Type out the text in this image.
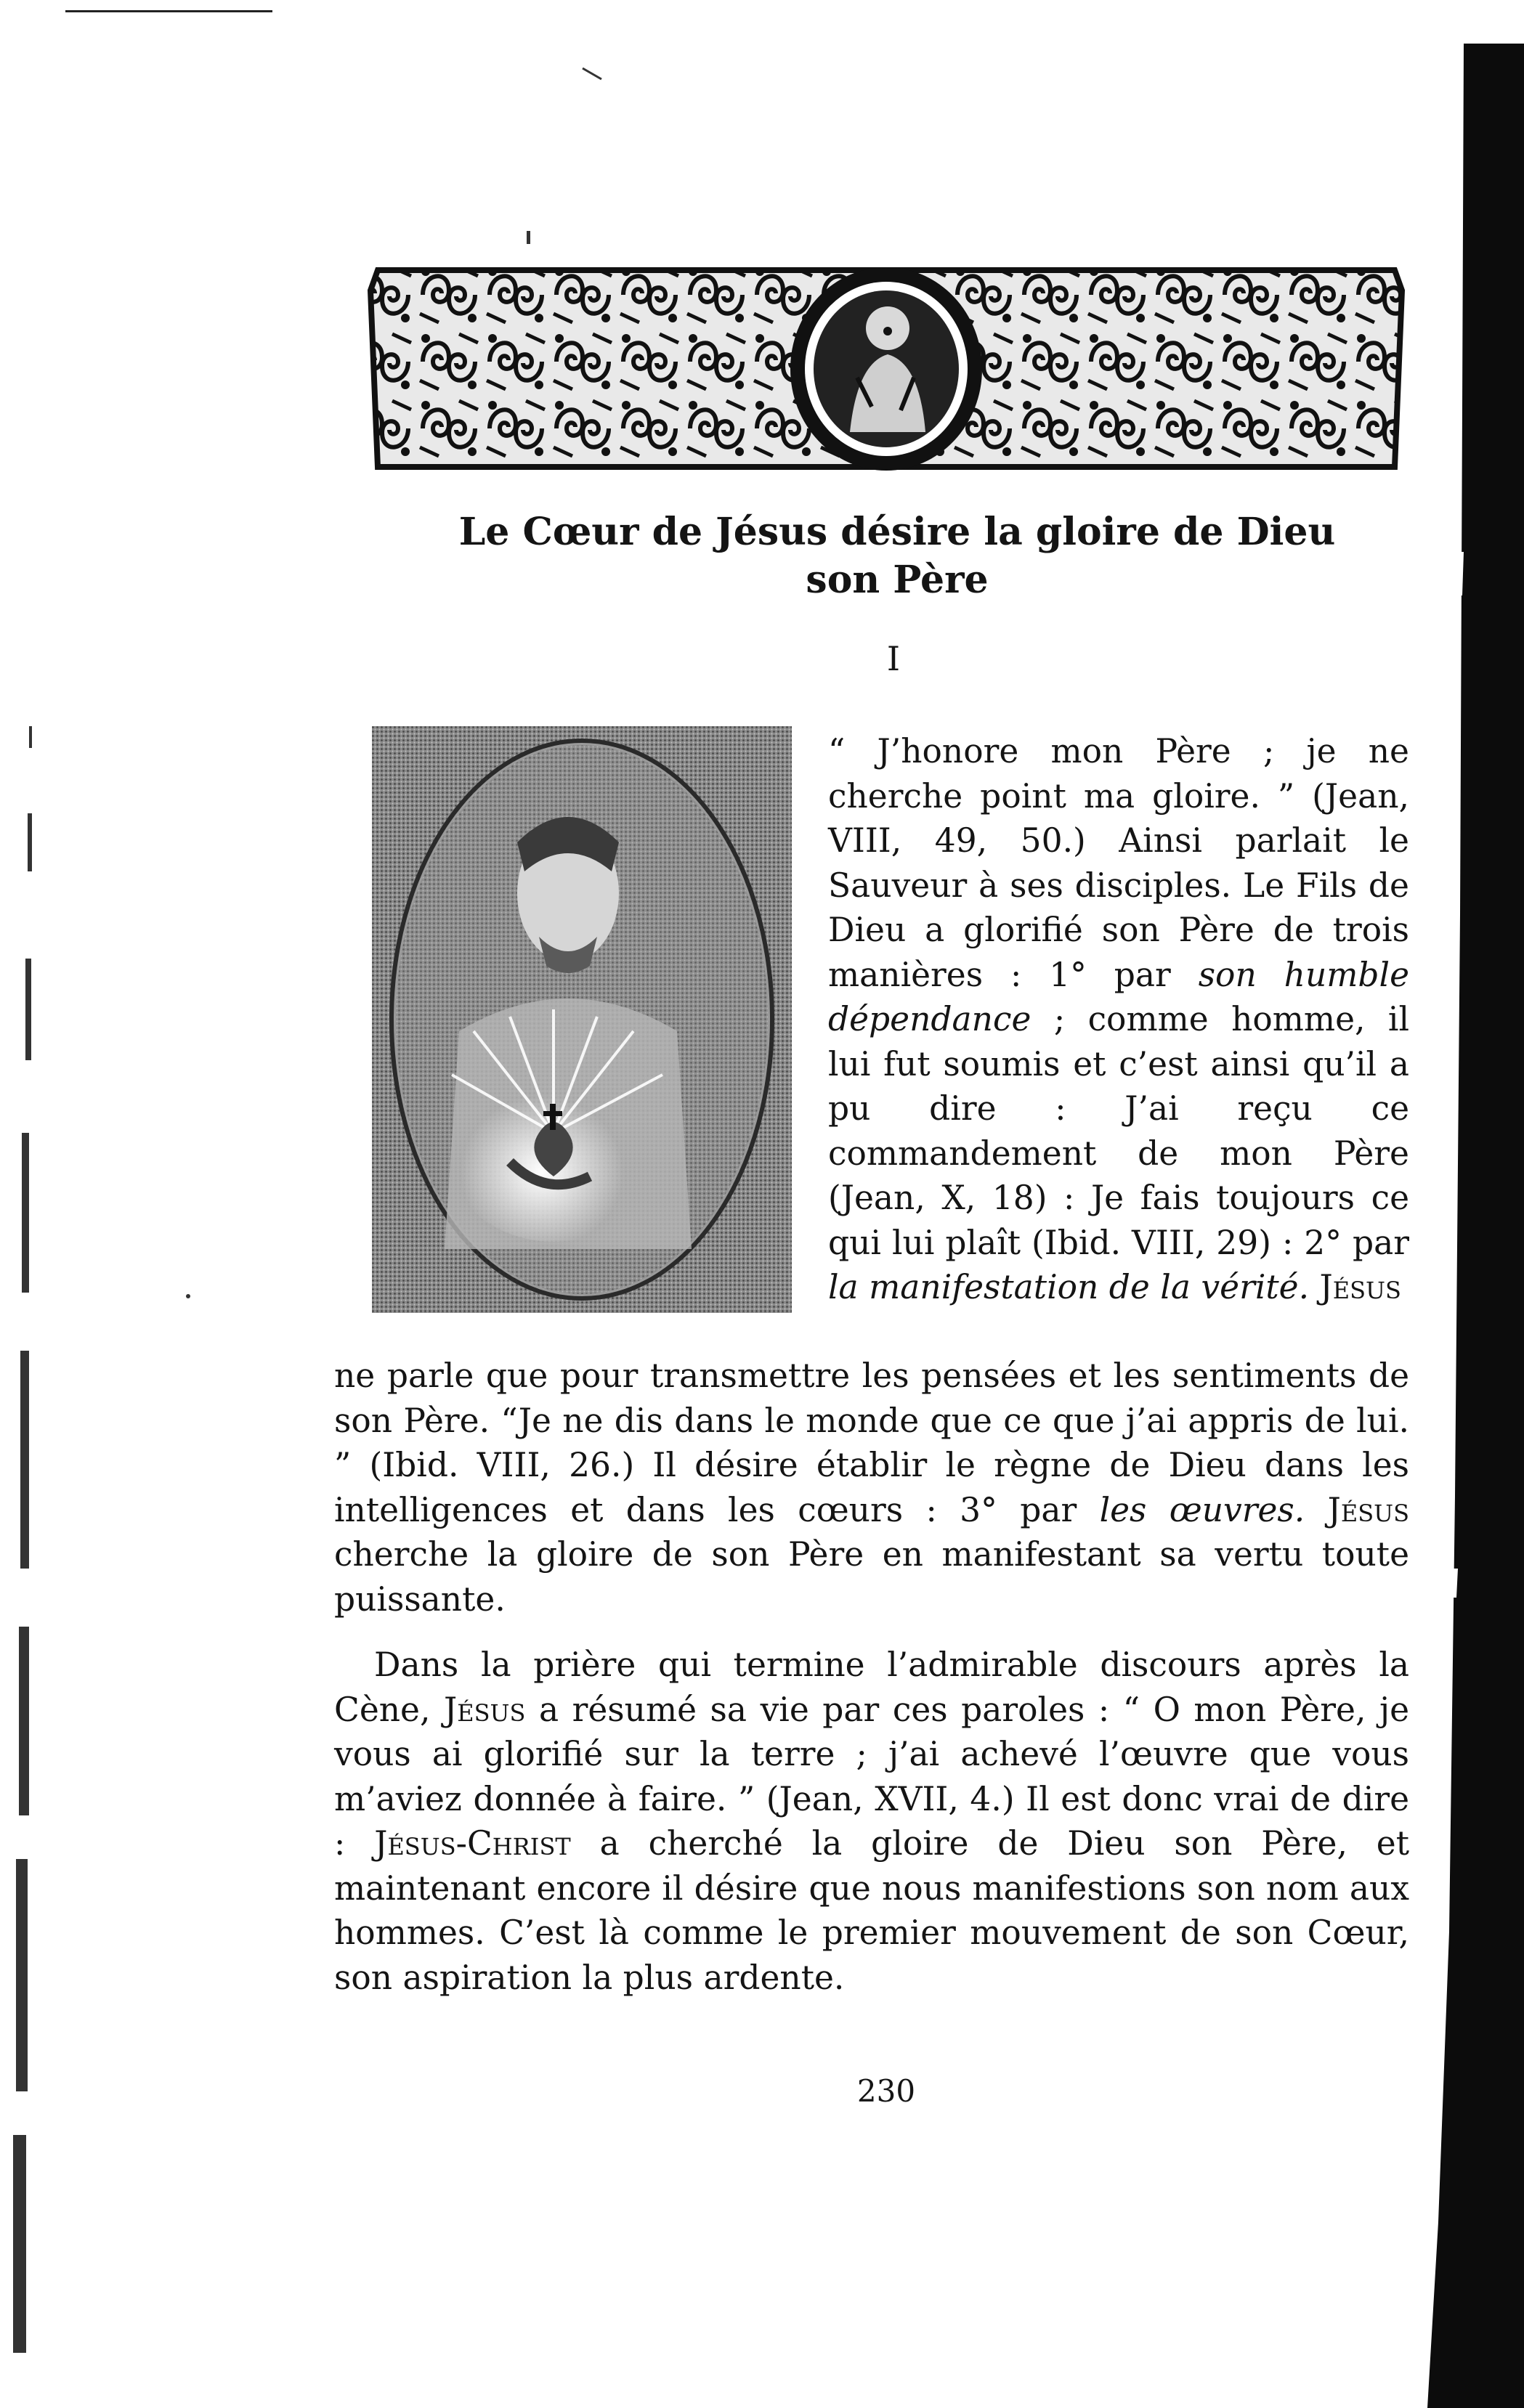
Le Cœur de Jésus désire la gloire de Dieu
son Père
I

“ J’honore mon Père ; je ne cherche point ma gloire. ” (Jean, VIII, 49, 50.) Ainsi parlait le Sauveur à ses disciples. Le Fils de Dieu a glorifié son Père de trois manières : 1° par son humble dépendance ; comme homme, il lui fut soumis et c’est ainsi qu’il a pu dire : J’ai reçu ce commandement de mon Père (Jean, X, 18) : Je fais toujours ce qui lui plaît (Ibid. VIII, 29) : 2° par la manifestation de la vérité. Jésus

ne parle que pour transmettre les pensées et les sentiments de son Père. “Je ne dis dans le monde que ce que j’ai appris de lui. ” (Ibid. VIII, 26.) Il désire établir le règne de Dieu dans les intelligences et dans les cœurs : 3° par les œuvres. Jésus cherche la gloire de son Père en manifestant sa vertu toute puissante.

Dans la prière qui termine l’admirable discours après la Cène, Jésus a résumé sa vie par ces paroles : “ O mon Père, je vous ai glorifié sur la terre ; j’ai achevé l’œuvre que vous m’aviez donnée à faire. ” (Jean, XVII, 4.) Il est donc vrai de dire : Jésus-Christ a cherché la gloire de Dieu son Père, et maintenant encore il désire que nous manifestions son nom aux hommes. C’est là comme le premier mouvement de son Cœur, son aspiration la plus ardente.

230
